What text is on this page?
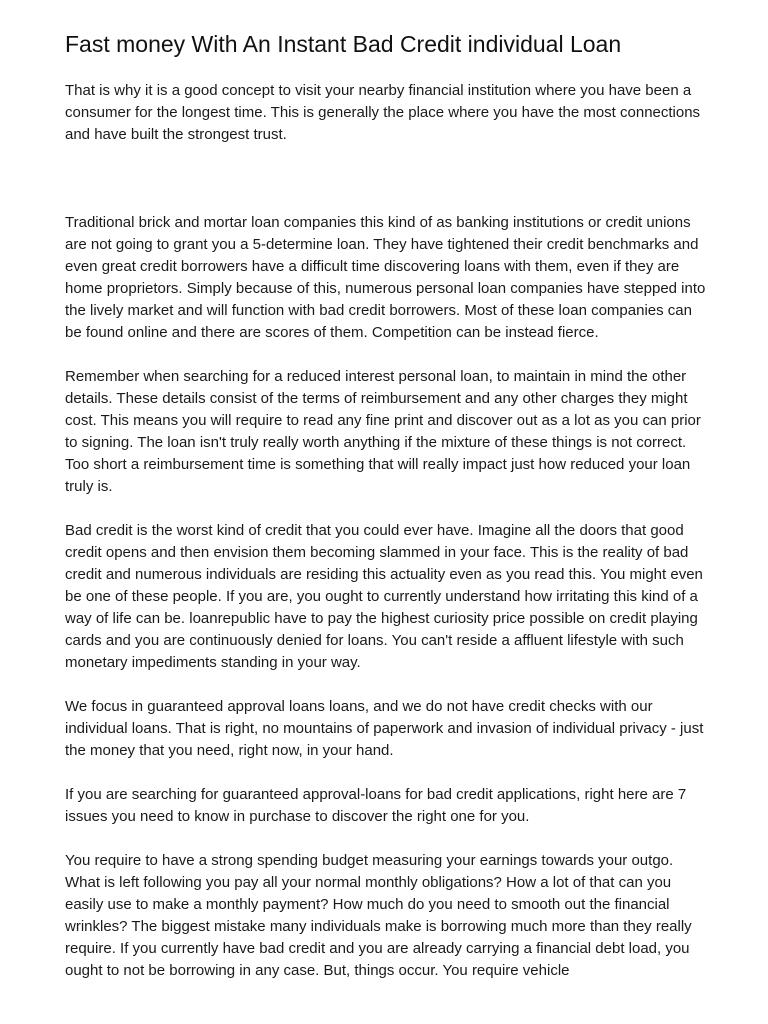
Fast money With An Instant Bad Credit individual Loan

That is why it is a good concept to visit your nearby financial institution where you have been a consumer for the longest time. This is generally the place where you have the most connections and have built the strongest trust.

Traditional brick and mortar loan companies this kind of as banking institutions or credit unions are not going to grant you a 5-determine loan. They have tightened their credit benchmarks and even great credit borrowers have a difficult time discovering loans with them, even if they are home proprietors. Simply because of this, numerous personal loan companies have stepped into the lively market and will function with bad credit borrowers. Most of these loan companies can be found online and there are scores of them. Competition can be instead fierce.

Remember when searching for a reduced interest personal loan, to maintain in mind the other details. These details consist of the terms of reimbursement and any other charges they might cost. This means you will require to read any fine print and discover out as a lot as you can prior to signing. The loan isn't truly really worth anything if the mixture of these things is not correct. Too short a reimbursement time is something that will really impact just how reduced your loan truly is.

Bad credit is the worst kind of credit that you could ever have. Imagine all the doors that good credit opens and then envision them becoming slammed in your face. This is the reality of bad credit and numerous individuals are residing this actuality even as you read this. You might even be one of these people. If you are, you ought to currently understand how irritating this kind of a way of life can be. loanrepublic have to pay the highest curiosity price possible on credit playing cards and you are continuously denied for loans. You can't reside a affluent lifestyle with such monetary impediments standing in your way.

We focus in guaranteed approval loans loans, and we do not have credit checks with our individual loans. That is right, no mountains of paperwork and invasion of individual privacy - just the money that you need, right now, in your hand.

If you are searching for guaranteed approval-loans for bad credit applications, right here are 7 issues you need to know in purchase to discover the right one for you.

You require to have a strong spending budget measuring your earnings towards your outgo. What is left following you pay all your normal monthly obligations? How a lot of that can you easily use to make a monthly payment? How much do you need to smooth out the financial wrinkles? The biggest mistake many individuals make is borrowing much more than they really require. If you currently have bad credit and you are already carrying a financial debt load, you ought to not be borrowing in any case. But, things occur. You require vehicle
